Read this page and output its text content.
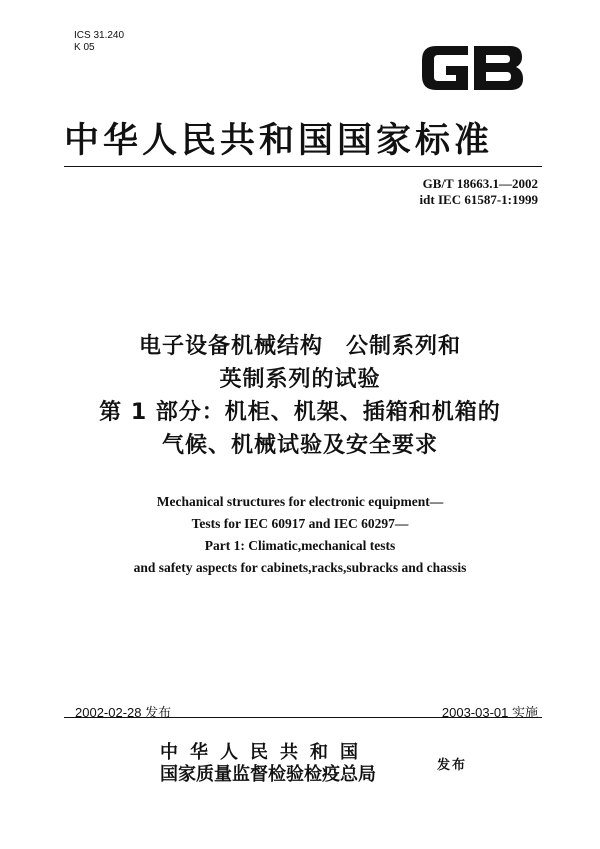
ICS 31.240
K 05
中华人民共和国国家标准
GB/T 18663.1—2002
idt IEC 61587-1:1999
电子设备机械结构　公制系列和
英制系列的试验
第 1 部分：机柜、机架、插箱和机箱的
气候、机械试验及安全要求
Mechanical structures for electronic equipment—
Tests for IEC 60917 and IEC 60297—
Part 1: Climatic,mechanical tests
and safety aspects for cabinets,racks,subracks and chassis
2002-02-28 发布	2003-03-01 实施
中华人民共和国
国家质量监督检验检疫总局	发布
